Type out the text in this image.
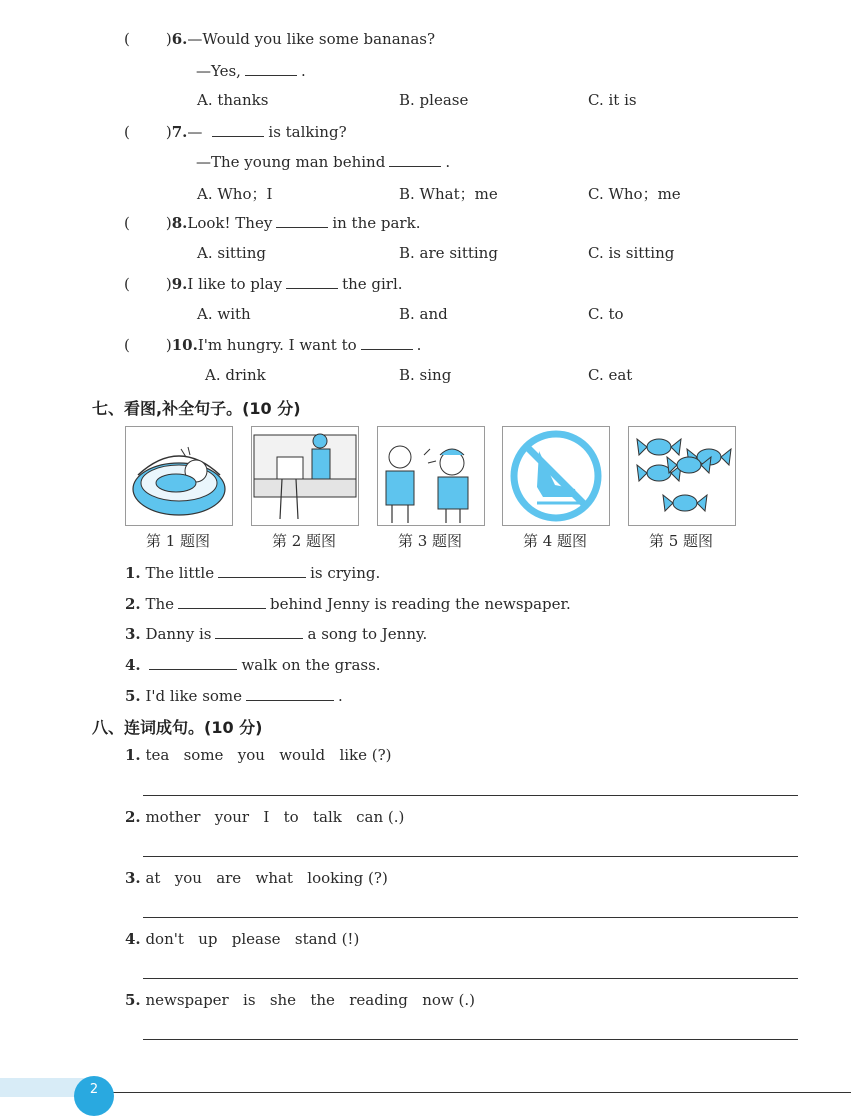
( )6.—Would you like some bananas?
—Yes,	.
A. thanks	B. please	C. it is
( )7.—	is talking?
—The young man behind	.
A. Who；I	B. What；me	C. Who；me
( )8.Look! They	in the park.
A. sitting	B. are sitting	C. is sitting
( )9.I like to play	the girl.
A. with	B. and	C. to
( )10.I'm hungry. I want to	.
A. drink	B. sing	C. eat
七、看图,补全句子。(10 分)
第 1 题图	第 2 题图	第 3 题图	第 4 题图	第 5 题图
1. The little	is crying.
2. The	behind Jenny is reading the newspaper.
3. Danny is	a song to Jenny.
4.	walk on the grass.
5. I'd like some	.
八、连词成句。(10 分)
1. tea   some   you   would   like (?)
2. mother   your   I   to   talk   can (.)
3. at   you   are   what   looking (?)
4. don't   up   please   stand (!)
5. newspaper   is   she   the   reading   now (.)
2
